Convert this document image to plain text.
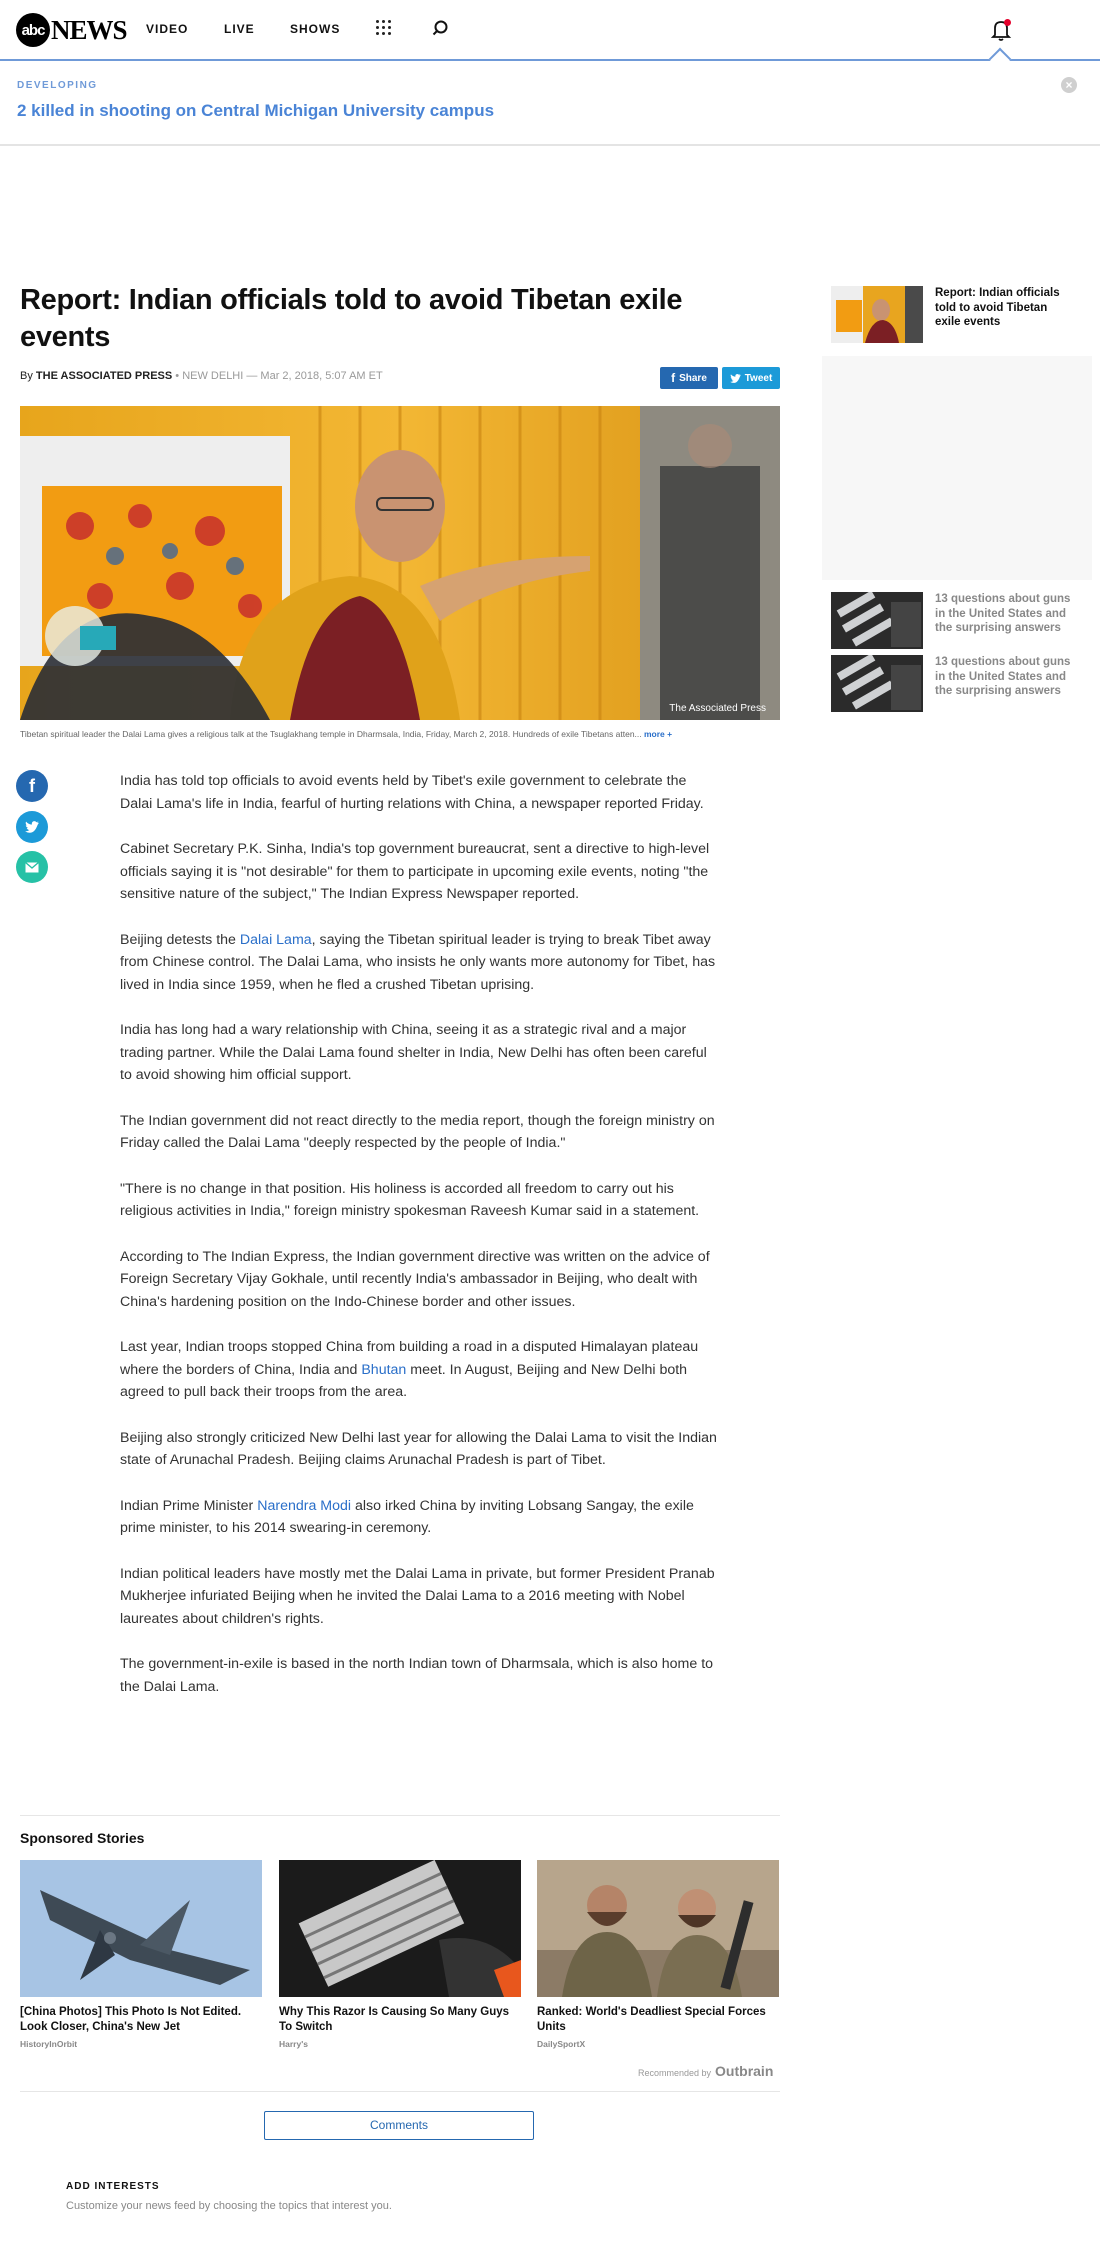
abc NEWS VIDEO	LIVE	SHOWS
DEVELOPING
2 killed in shooting on Central Michigan University campus
×
Report: Indian officials told to avoid Tibetan exile events
By THE ASSOCIATED PRESS • NEW DELHI — Mar 2, 2018, 5:07 AM ET	f Share	Tweet
The Associated Press
Tibetan spiritual leader the Dalai Lama gives a religious talk at the Tsuglakhang temple in Dharmsala, India, Friday, March 2, 2018. Hundreds of exile Tibetans atten... more +
f	India has told top officials to avoid events held by Tibet's exile government to celebrate the Dalai Lama's life in India, fearful of hurting relations with China, a newspaper reported Friday.

Cabinet Secretary P.K. Sinha, India's top government bureaucrat, sent a directive to high-level officials saying it is "not desirable" for them to participate in upcoming exile events, noting "the sensitive nature of the subject," The Indian Express Newspaper reported.

Beijing detests the Dalai Lama, saying the Tibetan spiritual leader is trying to break Tibet away from Chinese control. The Dalai Lama, who insists he only wants more autonomy for Tibet, has lived in India since 1959, when he fled a crushed Tibetan uprising.

India has long had a wary relationship with China, seeing it as a strategic rival and a major trading partner. While the Dalai Lama found shelter in India, New Delhi has often been careful to avoid showing him official support.

The Indian government did not react directly to the media report, though the foreign ministry on Friday called the Dalai Lama "deeply respected by the people of India."

"There is no change in that position. His holiness is accorded all freedom to carry out his religious activities in India," foreign ministry spokesman Raveesh Kumar said in a statement.

According to The Indian Express, the Indian government directive was written on the advice of Foreign Secretary Vijay Gokhale, until recently India's ambassador in Beijing, who dealt with China's hardening position on the Indo-Chinese border and other issues.

Last year, Indian troops stopped China from building a road in a disputed Himalayan plateau where the borders of China, India and Bhutan meet. In August, Beijing and New Delhi both agreed to pull back their troops from the area.

Beijing also strongly criticized New Delhi last year for allowing the Dalai Lama to visit the Indian state of Arunachal Pradesh. Beijing claims Arunachal Pradesh is part of Tibet.

Indian Prime Minister Narendra Modi also irked China by inviting Lobsang Sangay, the exile prime minister, to his 2014 swearing-in ceremony.

Indian political leaders have mostly met the Dalai Lama in private, but former President Pranab Mukherjee infuriated Beijing when he invited the Dalai Lama to a 2016 meeting with Nobel laureates about children's rights.

The government-in-exile is based in the north Indian town of Dharmsala, which is also home to the Dalai Lama.

Sponsored Stories
[China Photos] This Photo Is Not Edited. Look Closer, China's New Jet
HistoryInOrbit
Why This Razor Is Causing So Many Guys To Switch
Harry's
Ranked: World's Deadliest Special Forces Units
DailySportX
Recommended by Outbrain
Comments
ADD INTERESTS
Customize your news feed by choosing the topics that interest you.
Report: Indian officials told to avoid Tibetan exile events
13 questions about guns in the United States and the surprising answers
13 questions about guns in the United States and the surprising answers
